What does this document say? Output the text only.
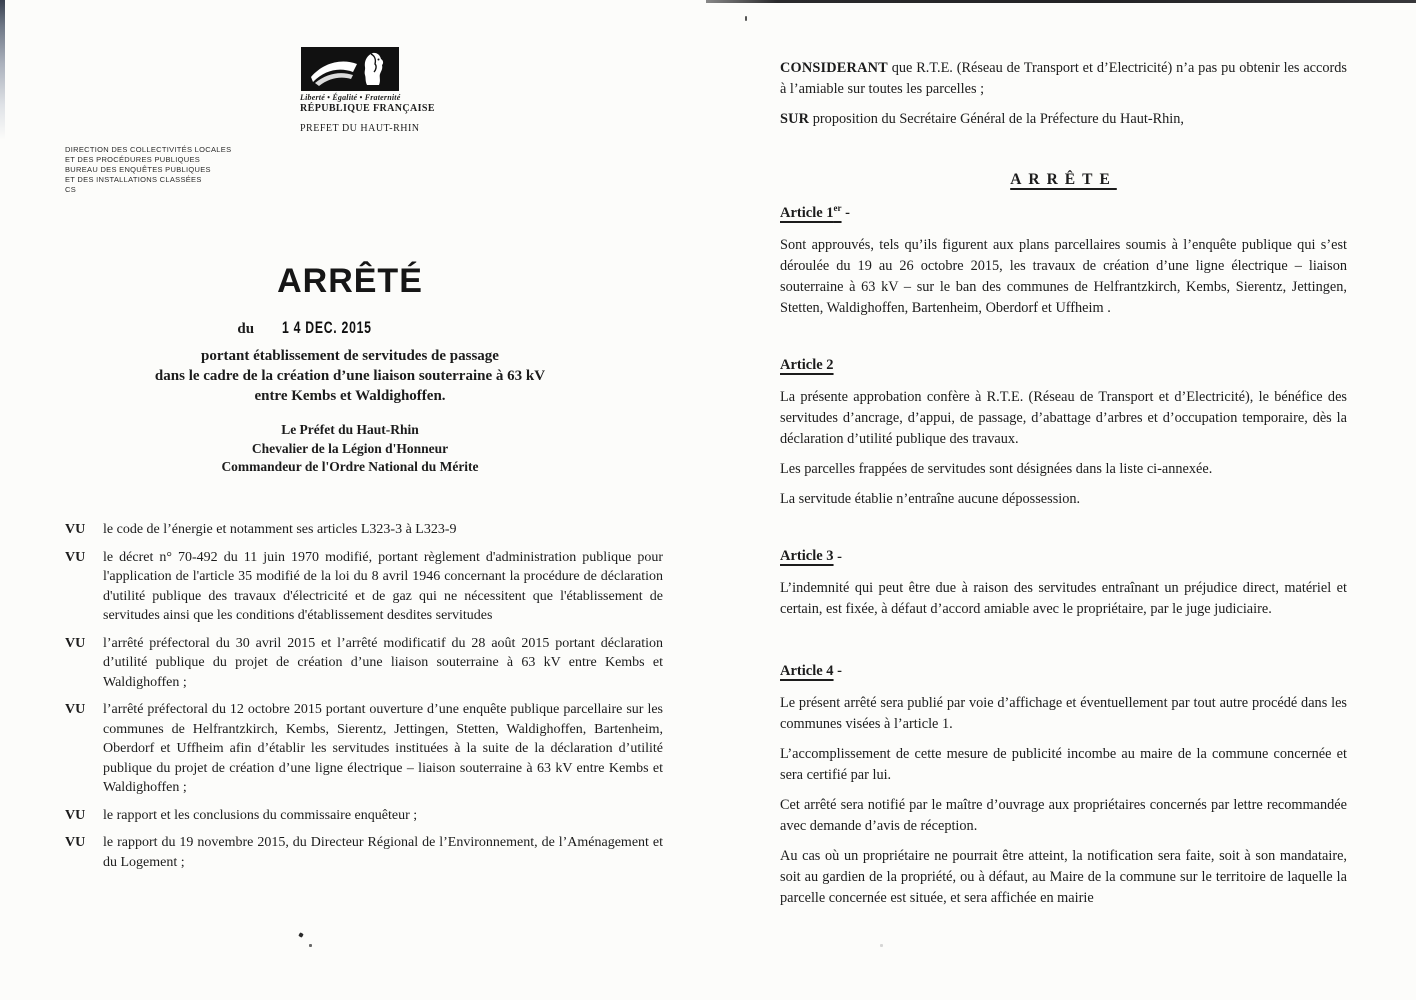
Liberté • Égalité • Fraternité
RÉPUBLIQUE FRANÇAISE
PREFET DU HAUT-RHIN
DIRECTION DES COLLECTIVITÉS LOCALES
ET DES PROCÉDURES PUBLIQUES
BUREAU DES ENQUÊTES PUBLIQUES
ET DES INSTALLATIONS CLASSÉES
CS
ARRÊTÉ
du 1 4 DEC. 2015
portant établissement de servitudes de passage
dans le cadre de la création d’une liaison souterraine à 63 kV
entre Kembs et Waldighoffen.
Le Préfet du Haut-Rhin
Chevalier de la Légion d'Honneur
Commandeur de l'Ordre National du Mérite
VU	le code de l’énergie et notamment ses articles L323-3 à L323-9
VU	le décret n° 70-492 du 11 juin 1970 modifié, portant règlement d'administration publique pour l'application de l'article 35 modifié de la loi du 8 avril 1946 concernant la procédure de déclaration d'utilité publique des travaux d'électricité et de gaz qui ne nécessitent que l'établissement de servitudes ainsi que les conditions d'établissement desdites servitudes
VU	l’arrêté préfectoral du 30 avril 2015 et l’arrêté modificatif du 28 août 2015 portant déclaration d’utilité publique du projet de création d’une liaison souterraine à 63 kV entre Kembs et Waldighoffen ;
VU	l’arrêté préfectoral du 12 octobre 2015 portant ouverture d’une enquête publique parcellaire sur les communes de Helfrantzkirch, Kembs, Sierentz, Jettingen, Stetten, Waldighoffen, Bartenheim, Oberdorf et Uffheim afin d’établir les servitudes instituées à la suite de la déclaration d’utilité publique du projet de création d’une ligne électrique – liaison souterraine à 63 kV entre Kembs et Waldighoffen ;
VU	le rapport et les conclusions du commissaire enquêteur ;
VU	le rapport du 19 novembre 2015, du Directeur Régional de l’Environnement, de l’Aménagement et du Logement ;

CONSIDERANT que R.T.E. (Réseau de Transport et d’Electricité) n’a pas pu obtenir les accords à l’amiable sur toutes les parcelles ;

SUR proposition du Secrétaire Général de la Préfecture du Haut-Rhin,

ARRÊTE
Article 1er -

Sont approuvés, tels qu’ils figurent aux plans parcellaires soumis à l’enquête publique qui s’est déroulée du 19 au 26 octobre 2015, les travaux de création d’une ligne électrique – liaison souterraine à 63 kV – sur le ban des communes de Helfrantzkirch, Kembs, Sierentz, Jettingen, Stetten, Waldighoffen, Bartenheim, Oberdorf et Uffheim .

Article 2

La présente approbation confère à R.T.E. (Réseau de Transport et d’Electricité), le bénéfice des servitudes d’ancrage, d’appui, de passage, d’abattage d’arbres et d’occupation temporaire, dès la déclaration d’utilité publique des travaux.

Les parcelles frappées de servitudes sont désignées dans la liste ci-annexée.

La servitude établie n’entraîne aucune dépossession.

Article 3 -

L’indemnité qui peut être due à raison des servitudes entraînant un préjudice direct, matériel et certain, est fixée, à défaut d’accord amiable avec le propriétaire, par le juge judiciaire.

Article 4 -

Le présent arrêté sera publié par voie d’affichage et éventuellement par tout autre procédé dans les communes visées à l’article 1.

L’accomplissement de cette mesure de publicité incombe au maire de la commune concernée et sera certifié par lui.

Cet arrêté sera notifié par le maître d’ouvrage aux propriétaires concernés par lettre recommandée avec demande d’avis de réception.

Au cas où un propriétaire ne pourrait être atteint, la notification sera faite, soit à son mandataire, soit au gardien de la propriété, ou à défaut, au Maire de la commune sur le territoire de laquelle la parcelle concernée est située, et sera affichée en mairie
